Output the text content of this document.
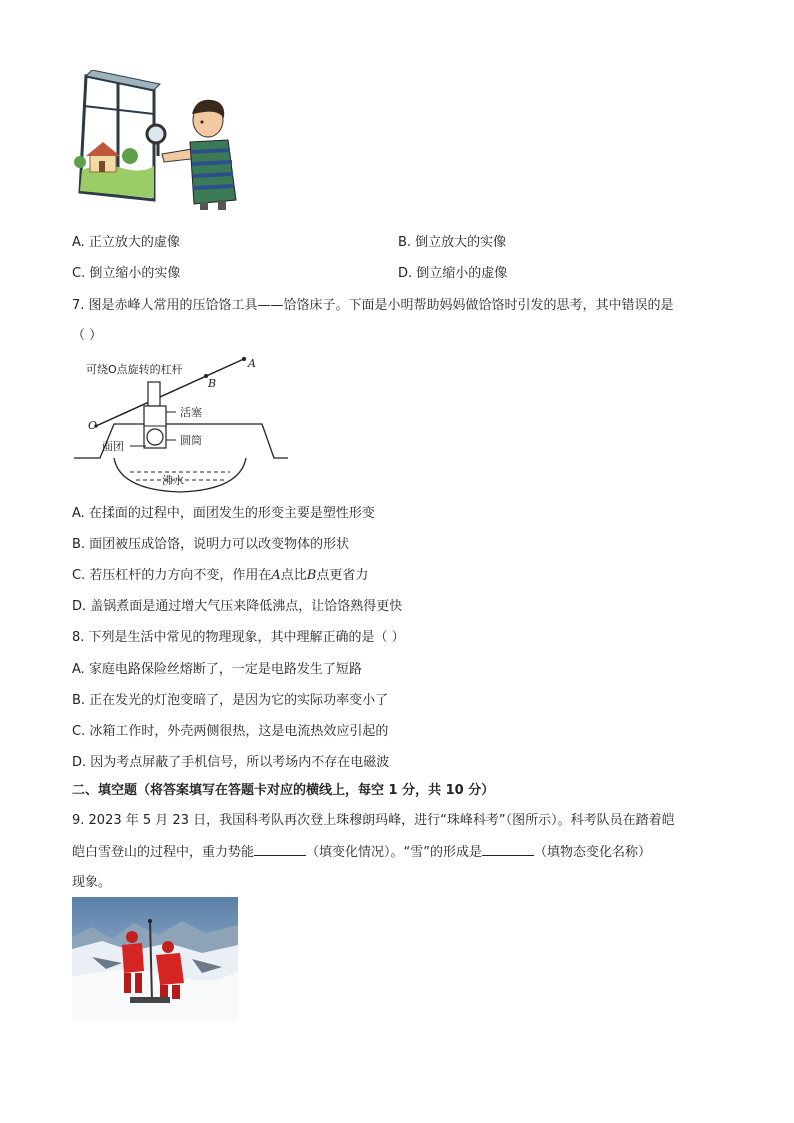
A. 正立放大的虚像	B. 倒立放大的实像
C. 倒立缩小的实像	D. 倒立缩小的虚像
7. 图是赤峰人常用的压饸饹工具——饸饹床子。下面是小明帮助妈妈做饸饹时引发的思考，其中错误的是
（ ）
可绕O点旋转的杠杆	A
B
O
活塞
圆筒
面团
沸水
A. 在揉面的过程中，面团发生的形变主要是塑性形变
B. 面团被压成饸饹，说明力可以改变物体的形状
C. 若压杠杆的力方向不变，作用在A点比B点更省力
D. 盖锅煮面是通过增大气压来降低沸点，让饸饹熟得更快
8. 下列是生活中常见的物理现象，其中理解正确的是（ ）
A. 家庭电路保险丝熔断了，一定是电路发生了短路
B. 正在发光的灯泡变暗了，是因为它的实际功率变小了
C. 冰箱工作时，外壳两侧很热，这是电流热效应引起的
D. 因为考点屏蔽了手机信号，所以考场内不存在电磁波
二、填空题（将答案填写在答题卡对应的横线上，每空 1 分，共 10 分）
9. 2023 年 5 月 23 日，我国科考队再次登上珠穆朗玛峰，进行“珠峰科考”（图所示）。科考队员在踏着皑
皑白雪登山的过程中，重力势能	（填变化情况）。“雪”的形成是	（填物态变化名称）
现象。
